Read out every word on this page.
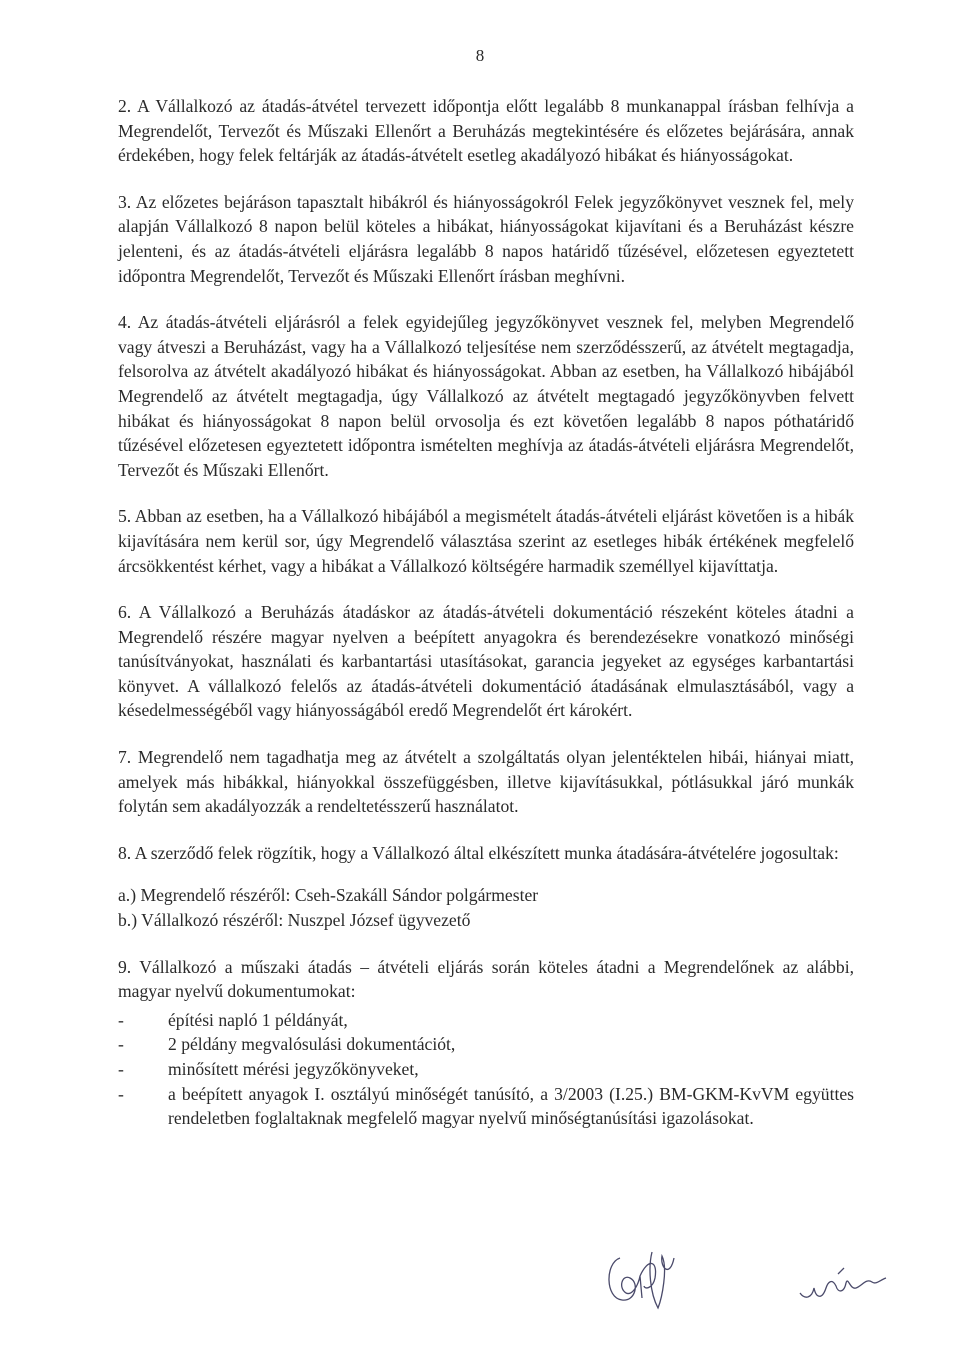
8

2. A Vállalkozó az átadás-átvétel tervezett időpontja előtt legalább 8 munkanappal írásban felhívja a Megrendelőt, Tervezőt és Műszaki Ellenőrt a Beruházás megtekintésére és előzetes bejárására, annak érdekében, hogy felek feltárják az átadás-átvételt esetleg akadályozó hibákat és hiányosságokat.

3. Az előzetes bejáráson tapasztalt hibákról és hiányosságokról Felek jegyzőkönyvet vesznek fel, mely alapján Vállalkozó 8 napon belül köteles a hibákat, hiányosságokat kijavítani és a Beruházást készre jelenteni, és az átadás-átvételi eljárásra legalább 8 napos határidő tűzésével, előzetesen egyeztetett időpontra Megrendelőt, Tervezőt és Műszaki Ellenőrt írásban meghívni.

4. Az átadás-átvételi eljárásról a felek egyidejűleg jegyzőkönyvet vesznek fel, melyben Megrendelő vagy átveszi a Beruházást, vagy ha a Vállalkozó teljesítése nem szerződésszerű, az átvételt megtagadja, felsorolva az átvételt akadályozó hibákat és hiányosságokat. Abban az esetben, ha Vállalkozó hibájából Megrendelő az átvételt megtagadja, úgy Vállalkozó az átvételt megtagadó jegyzőkönyvben felvett hibákat és hiányosságokat 8 napon belül orvosolja és ezt követően legalább 8 napos póthatáridő tűzésével előzetesen egyeztetett időpontra ismételten meghívja az átadás-átvételi eljárásra Megrendelőt, Tervezőt és Műszaki Ellenőrt.

5. Abban az esetben, ha a Vállalkozó hibájából a megismételt átadás-átvételi eljárást követően is a hibák kijavítására nem kerül sor, úgy Megrendelő választása szerint az esetleges hibák értékének megfelelő árcsökkentést kérhet, vagy a hibákat a Vállalkozó költségére harmadik személlyel kijavíttatja.

6. A Vállalkozó a Beruházás átadáskor az átadás-átvételi dokumentáció részeként köteles átadni a Megrendelő részére magyar nyelven a beépített anyagokra és berendezésekre vonatkozó minőségi tanúsítványokat, használati és karbantartási utasításokat, garancia jegyeket az egységes karbantartási könyvet. A vállalkozó felelős az átadás-átvételi dokumentáció átadásának elmulasztásából, vagy a késedelmességéből vagy hiányosságából eredő Megrendelőt ért károkért.

7. Megrendelő nem tagadhatja meg az átvételt a szolgáltatás olyan jelentéktelen hibái, hiányai miatt, amelyek más hibákkal, hiányokkal összefüggésben, illetve kijavításukkal, pótlásukkal járó munkák folytán sem akadályozzák a rendeltetésszerű használatot.

8. A szerződő felek rögzítik, hogy a Vállalkozó által elkészített munka átadására-átvételére jogosultak:

a.) Megrendelő részéről: Cseh-Szakáll Sándor polgármester

b.) Vállalkozó részéről: Nuszpel József ügyvezető

9. Vállalkozó a műszaki átadás – átvételi eljárás során köteles átadni a Megrendelőnek az alábbi, magyar nyelvű dokumentumokat:

- építési napló 1 példányát,
- 2 példány megvalósulási dokumentációt,
- minősített mérési jegyzőkönyveket,
- a beépített anyagok I. osztályú minőségét tanúsító, a 3/2003 (I.25.) BM-GKM-KvVM együttes rendeletben foglaltaknak megfelelő magyar nyelvű minőségtanúsítási igazolásokat.
